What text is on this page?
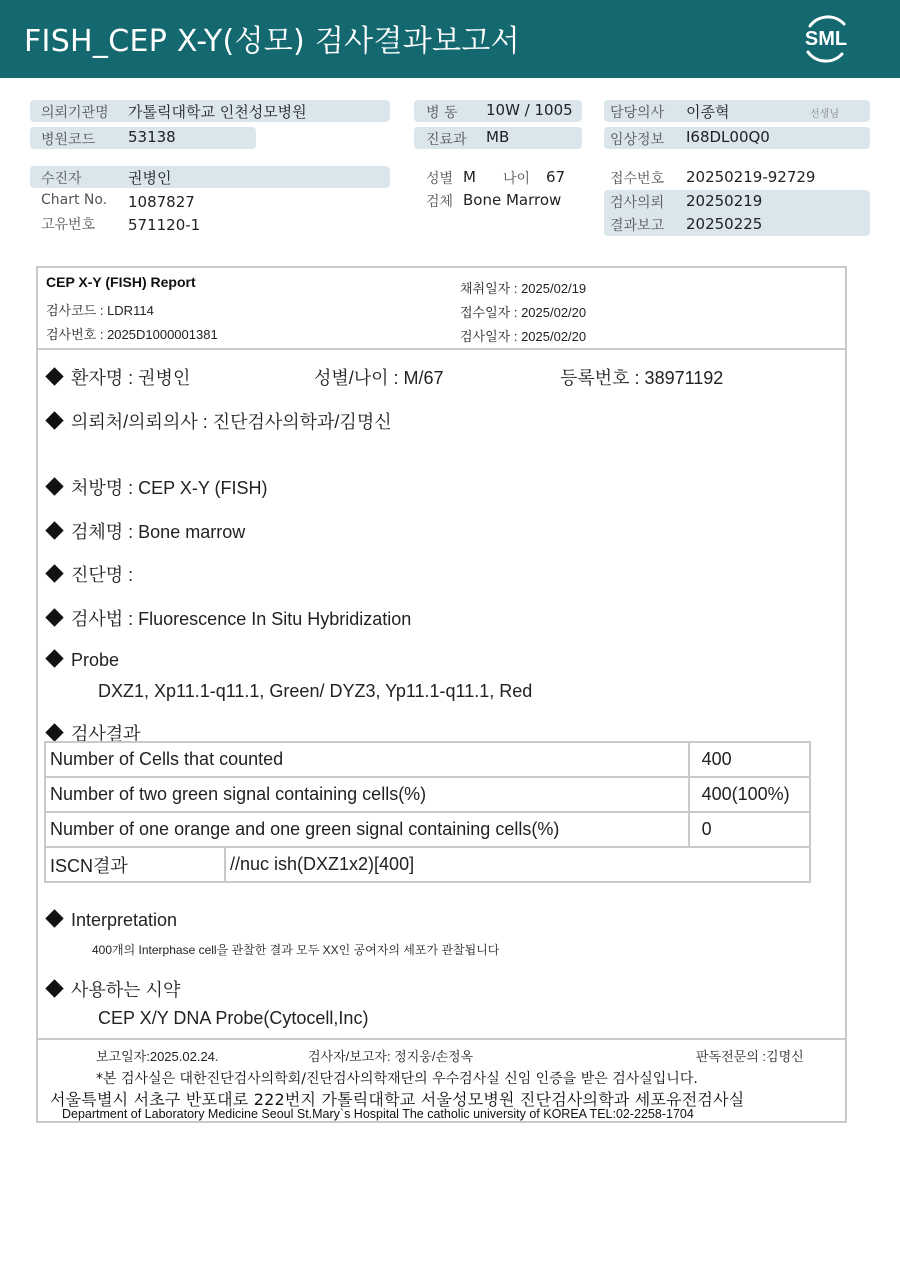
FISH_CEP X-Y(성모) 검사결과보고서	SML
의뢰기관명 가톨릭대학교 인천성모병원
병원코드 53138
병 동 10W / 1005
진료과 MB
담당의사 이종혁	선생님
임상정보 I68DL00Q0
수진자	권병인
Chart No. 1087827
고유번호 571120-1
성별 M 나이 67
검체 Bone Marrow
접수번호 20250219-92729
검사의뢰 20250219
결과보고 20250225
CEP X-Y (FISH) Report
검사코드 : LDR114
검사번호 : 2025D1000001381
채취일자 : 2025/02/19
접수일자 : 2025/02/20
검사일자 : 2025/02/20
환자명 : 권병인	성별/나이 : M/67	등록번호 : 38971192
의뢰처/의뢰의사 : 진단검사의학과/김명신
처방명 : CEP X-Y (FISH)
검체명 : Bone marrow
진단명 :
검사법 : Fluorescence In Situ Hybridization
Probe
DXZ1, Xp11.1-q11.1, Green/ DYZ3, Yp11.1-q11.1, Red
검사결과
Number of Cells that counted		400
Number of two green signal containing cells(%)		400(100%)
Number of one orange and one green signal containing cells(%)		0
ISCN결과	//nuc ish(DXZ1x2)[400]	
Interpretation
400개의 Interphase cell을 관찰한 결과 모두 XX인 공여자의 세포가 관찰됩니다
사용하는 시약
CEP X/Y DNA Probe(Cytocell,Inc)
보고일자:2025.02.24.	검사자/보고자: 정지웅/손정옥	판독전문의 :김명신
*본 검사실은 대한진단검사의학회/진단검사의학재단의 우수검사실 신임 인증을 받은 검사실입니다.
서울특별시 서초구 반포대로 222번지 가톨릭대학교 서울성모병원 진단검사의학과 세포유전검사실
Department of Laboratory Medicine Seoul St.Mary`s Hospital The catholic university of KOREA TEL:02-2258-1704
